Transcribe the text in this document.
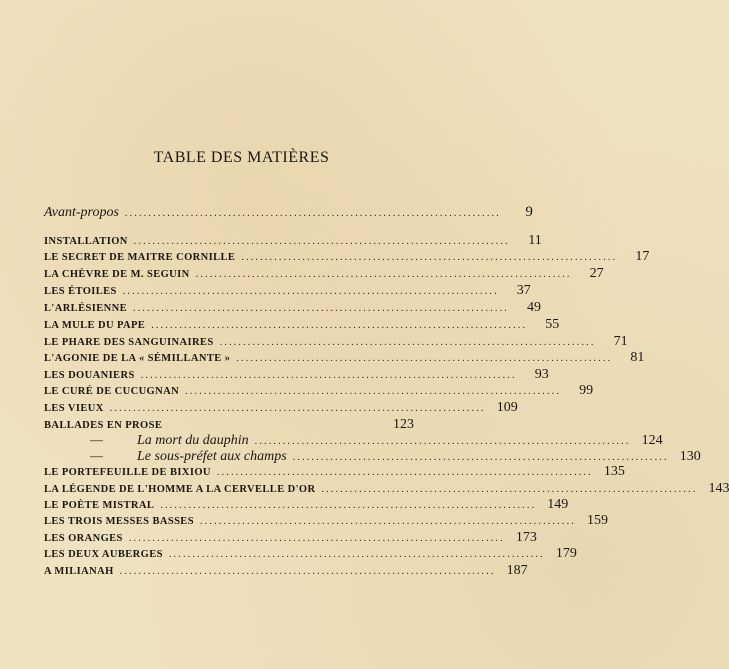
TABLE DES MATIÈRES
Avant-propos ................................................................................	9
INSTALLATION ................................................................................	11
LE SECRET DE MAITRE CORNILLE ................................................................................	17
LA CHÈVRE DE M. SEGUIN ................................................................................	27
LES ÉTOILES ................................................................................	37
L'ARLÉSIENNE ................................................................................	49
LA MULE DU PAPE ................................................................................	55
LE PHARE DES SANGUINAIRES ................................................................................	71
L'AGONIE DE LA « SÉMILLANTE » ................................................................................	81
LES DOUANIERS ................................................................................	93
LE CURÉ DE CUCUGNAN ................................................................................	99
LES VIEUX ................................................................................ 109
BALLADES EN PROSE	123
— La mort du dauphin ................................................................................ 124
— Le sous-préfet aux champs ................................................................................ 130
LE PORTEFEUILLE DE BIXIOU ................................................................................ 135
LA LÉGENDE DE L'HOMME A LA CERVELLE D'OR ................................................................................ 143
LE POÈTE MISTRAL ................................................................................ 149
LES TROIS MESSES BASSES ................................................................................ 159
LES ORANGES ................................................................................ 173
LES DEUX AUBERGES ................................................................................ 179
A MILIANAH ................................................................................ 187
